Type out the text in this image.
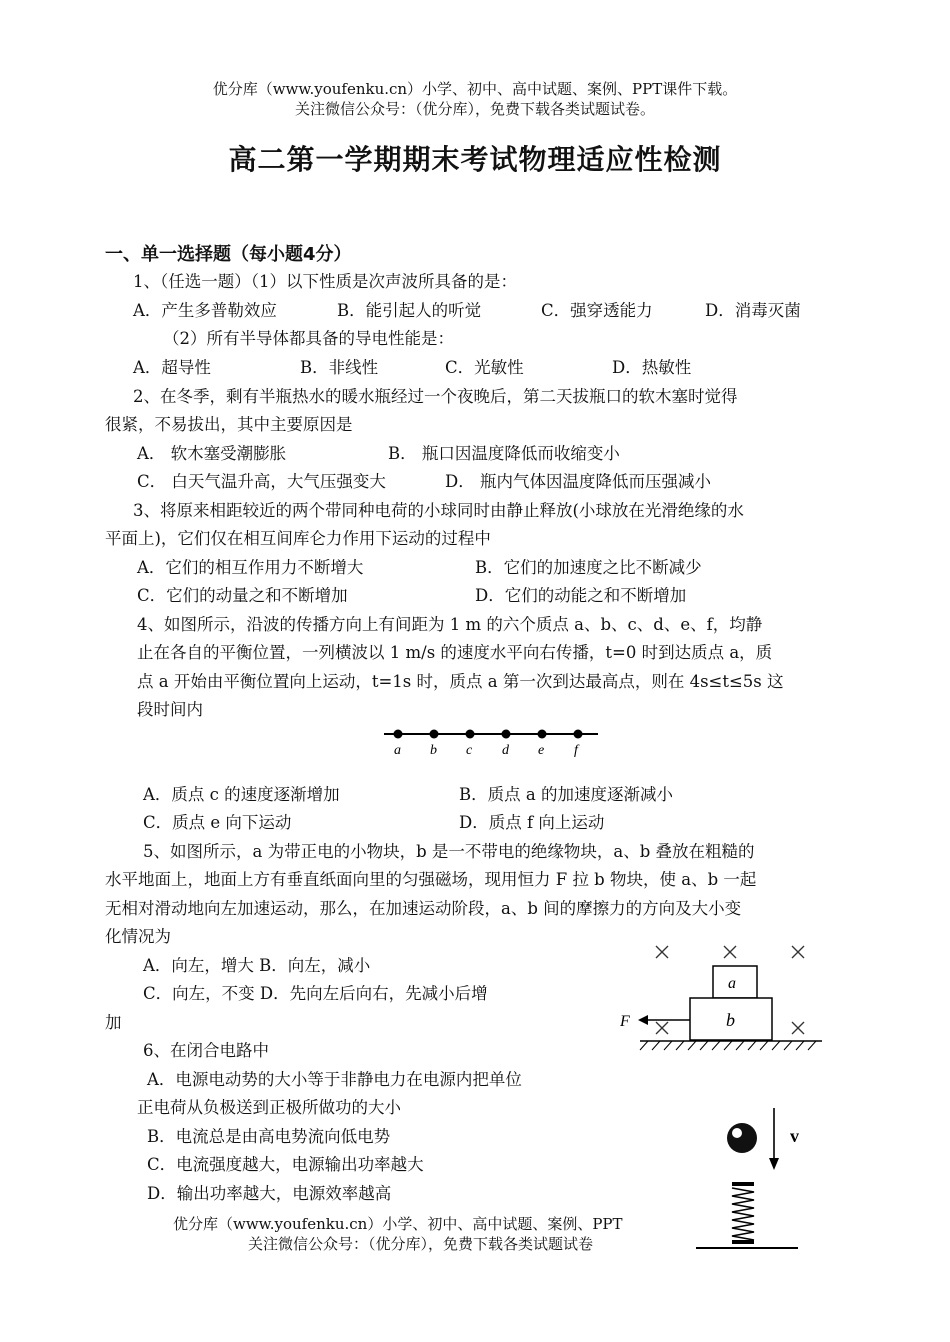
优分库（www.youfenku.cn）小学、初中、高中试题、案例、PPT课件下载。
关注微信公众号：（优分库），免费下载各类试题试卷。
高二第一学期期末考试物理适应性检测
一、单一选择题（每小题4分）
1、（任选一题）（1）以下性质是次声波所具备的是：
A．产生多普勒效应	B．能引起人的听觉	C．强穿透能力	D．消毒灭菌
（2）所有半导体都具备的导电性能是：
A．超导性	B．非线性	C．光敏性	D．热敏性
2、在冬季，剩有半瓶热水的暖水瓶经过一个夜晚后，第二天拔瓶口的软木塞时觉得
很紧，不易拔出，其中主要原因是
A． 软木塞受潮膨胀	B． 瓶口因温度降低而收缩变小
C． 白天气温升高，大气压强变大	D． 瓶内气体因温度降低而压强减小
3、将原来相距较近的两个带同种电荷的小球同时由静止释放(小球放在光滑绝缘的水
平面上)，它们仅在相互间库仑力作用下运动的过程中
A．它们的相互作用力不断增大	B．它们的加速度之比不断减少
C．它们的动量之和不断增加	D．它们的动能之和不断增加
4、如图所示，沿波的传播方向上有间距为 1 m 的六个质点 a、b、c、d、e、f，均静
止在各自的平衡位置，一列横波以 1 m/s 的速度水平向右传播，t=0 时到达质点 a，质
点 a 开始由平衡位置向上运动，t=1s 时，质点 a 第一次到达最高点，则在 4s≤t≤5s 这
段时间内
a b c d e f
A．质点 c 的速度逐渐增加	B．质点 a 的加速度逐渐减小
C．质点 e 向下运动	D．质点 f 向上运动
5、如图所示，a 为带正电的小物块，b 是一不带电的绝缘物块，a、b 叠放在粗糙的
水平地面上，地面上方有垂直纸面向里的匀强磁场，现用恒力 F 拉 b 物块，使 a、b 一起
无相对滑动地向左加速运动，那么，在加速运动阶段，a、b 间的摩擦力的方向及大小变
化情况为
A．向左，增大 B．向左，减小
C．向左，不变 D．先向左后向右，先减小后增
加
a
b
F
6、在闭合电路中
A．电源电动势的大小等于非静电力在电源内把单位
正电荷从负极送到正极所做功的大小
B．电流总是由高电势流向低电势
C．电流强度越大，电源输出功率越大
D．输出功率越大，电源效率越高
v
优分库（www.youfenku.cn）小学、初中、高中试题、案例、PPT
关注微信公众号：（优分库），免费下载各类试题试卷
